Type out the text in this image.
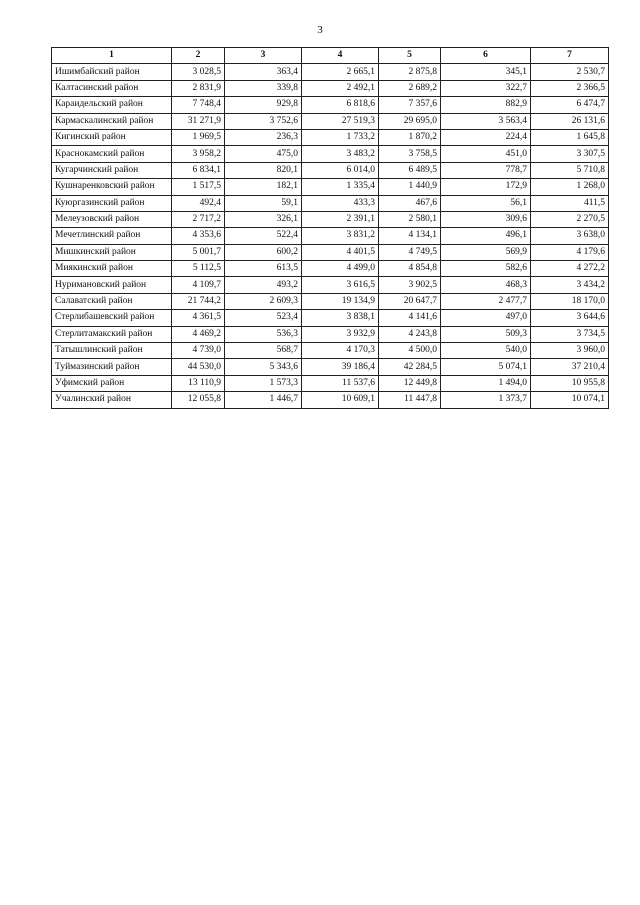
3
1	2	3	4	5	6	7
Ишимбайский район	3 028,5	363,4	2 665,1	2 875,8	345,1	2 530,7
Калтасинский район	2 831,9	339,8	2 492,1	2 689,2	322,7	2 366,5
Караидельский район	7 748,4	929,8	6 818,6	7 357,6	882,9	6 474,7
Кармаскалинский район	31 271,9	3 752,6	27 519,3	29 695,0	3 563,4	26 131,6
Кигинский район	1 969,5	236,3	1 733,2	1 870,2	224,4	1 645,8
Краснокамский район	3 958,2	475,0	3 483,2	3 758,5	451,0	3 307,5
Кугарчинский район	6 834,1	820,1	6 014,0	6 489,5	778,7	5 710,8
Кушнаренковский район	1 517,5	182,1	1 335,4	1 440,9	172,9	1 268,0
Куюргазинский район	492,4	59,1	433,3	467,6	56,1	411,5
Мелеузовский район	2 717,2	326,1	2 391,1	2 580,1	309,6	2 270,5
Мечетлинский район	4 353,6	522,4	3 831,2	4 134,1	496,1	3 638,0
Мишкинский район	5 001,7	600,2	4 401,5	4 749,5	569,9	4 179,6
Миякинский район	5 112,5	613,5	4 499,0	4 854,8	582,6	4 272,2
Нуримановский район	4 109,7	493,2	3 616,5	3 902,5	468,3	3 434,2
Салаватский район	21 744,2	2 609,3	19 134,9	20 647,7	2 477,7	18 170,0
Стерлибашевский район	4 361,5	523,4	3 838,1	4 141,6	497,0	3 644,6
Стерлитамакский район	4 469,2	536,3	3 932,9	4 243,8	509,3	3 734,5
Татышлинский район	4 739,0	568,7	4 170,3	4 500,0	540,0	3 960,0
Туймазинский район	44 530,0	5 343,6	39 186,4	42 284,5	5 074,1	37 210,4
Уфимский район	13 110,9	1 573,3	11 537,6	12 449,8	1 494,0	10 955,8
Учалинский район	12 055,8	1 446,7	10 609,1	11 447,8	1 373,7	10 074,1
